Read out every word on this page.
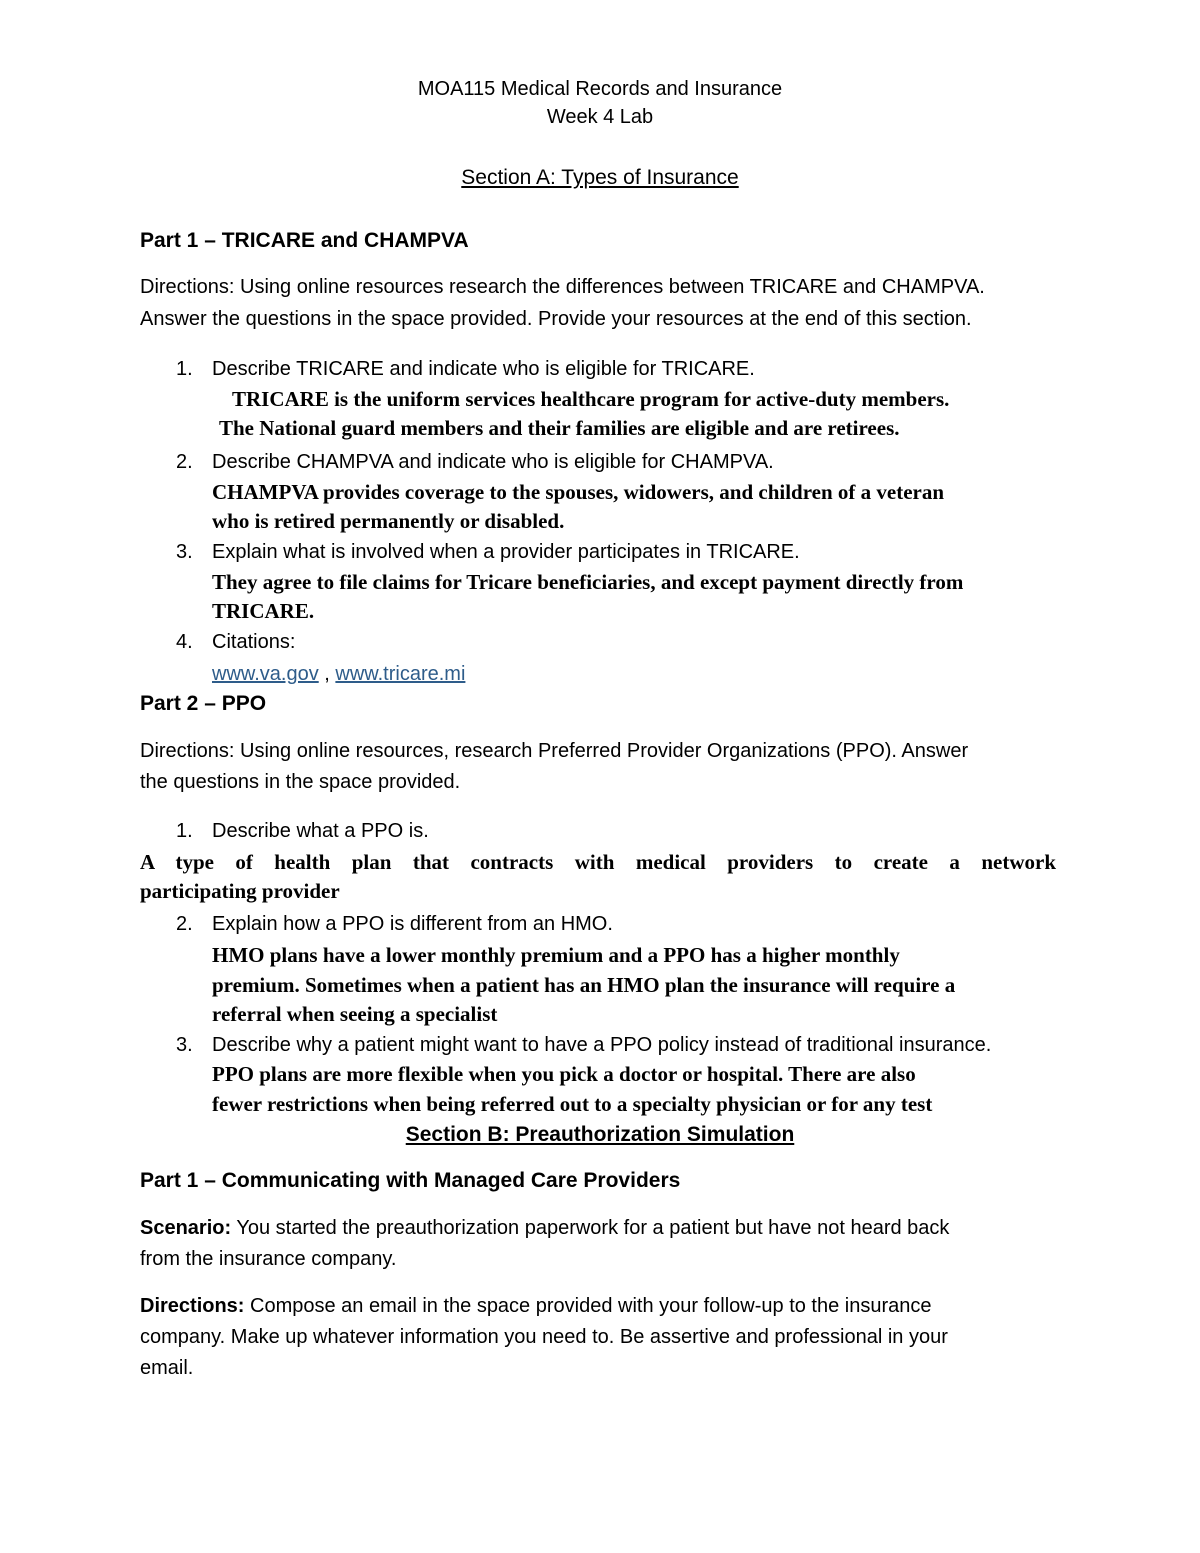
MOA115 Medical Records and Insurance
Week 4 Lab
Section A: Types of Insurance
Part 1 – TRICARE and CHAMPVA
Directions: Using online resources research the differences between TRICARE and CHAMPVA.
Answer the questions in the space provided. Provide your resources at the end of this section.
1. Describe TRICARE and indicate who is eligible for TRICARE.
TRICARE is the uniform services healthcare program for active-duty members.
The National guard members and their families are eligible and are retirees.
2. Describe CHAMPVA and indicate who is eligible for CHAMPVA.
CHAMPVA provides coverage to the spouses, widowers, and children of a veteran
who is retired permanently or disabled.
3. Explain what is involved when a provider participates in TRICARE.
They agree to file claims for Tricare beneficiaries, and except payment directly from
TRICARE.
4. Citations:
www.va.gov , www.tricare.mi
Part 2 – PPO
Directions: Using online resources, research Preferred Provider Organizations (PPO). Answer
the questions in the space provided.
1. Describe what a PPO is.
A type of health plan that contracts with medical providers to create a network
participating provider
2. Explain how a PPO is different from an HMO.
HMO plans have a lower monthly premium and a PPO has a higher monthly
premium. Sometimes when a patient has an HMO plan the insurance will require a
referral when seeing a specialist
3. Describe why a patient might want to have a PPO policy instead of traditional insurance.
PPO plans are more flexible when you pick a doctor or hospital. There are also
fewer restrictions when being referred out to a specialty physician or for any test
Section B: Preauthorization Simulation
Part 1 – Communicating with Managed Care Providers
Scenario: You started the preauthorization paperwork for a patient but have not heard back
from the insurance company.
Directions: Compose an email in the space provided with your follow-up to the insurance
company. Make up whatever information you need to. Be assertive and professional in your
email.
